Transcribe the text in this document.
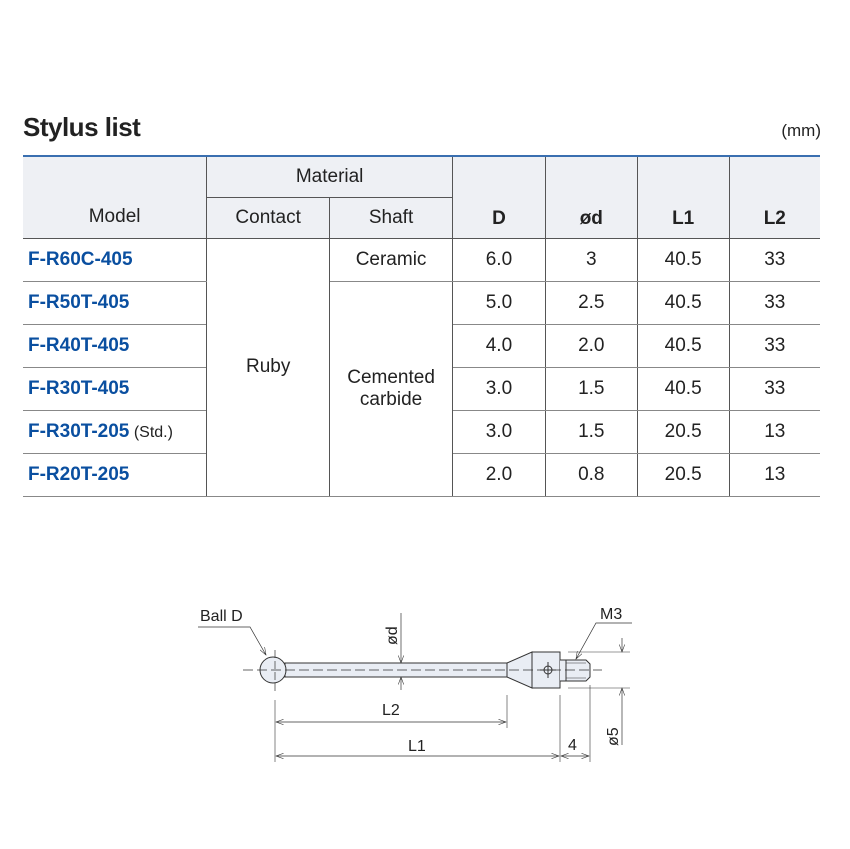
Stylus list	(mm)
Model	Material		D	ød	L1	L2
	Contact	Shaft				
F-R60C-405	Ruby	Ceramic	6.0	3	40.5	33
F-R50T-405		Cemented carbide	5.0	2.5	40.5	33
F-R40T-405			4.0	2.0	40.5	33
F-R30T-405			3.0	1.5	40.5	33
F-R30T-205 (Std.)			3.0	1.5	20.5	13
F-R20T-205			2.0	0.8	20.5	13
Ball D	M3
ød
L2
L1	4 ø5
